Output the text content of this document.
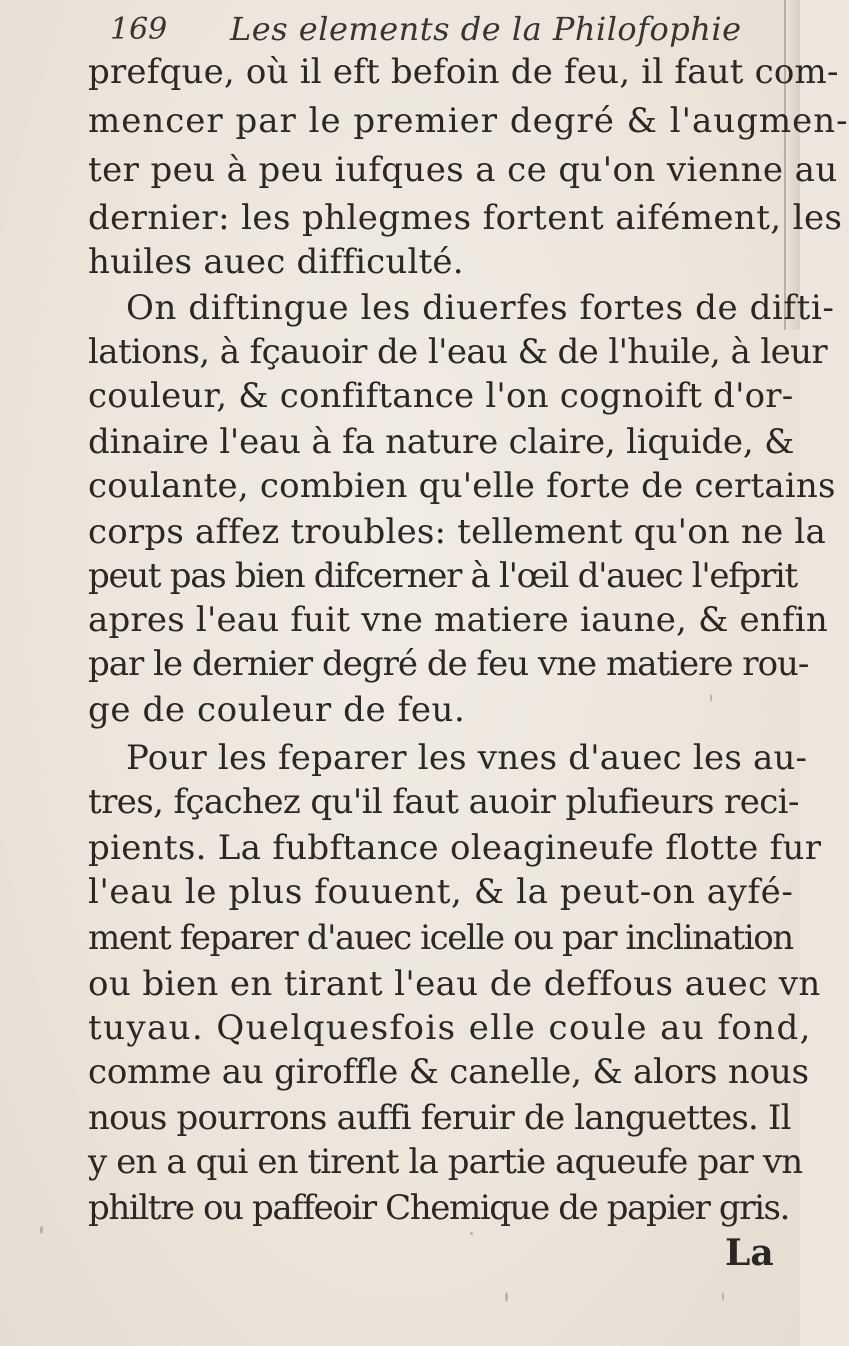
169 Les elements de la Philofophie
prefque, où il eft befoin de feu, il faut com-
mencer par le premier degré & l'augmen-
ter peu à peu iufques a ce qu'on vienne au
dernier: les phlegmes fortent aifément, les
huiles auec difficulté.
On diftingue les diuerfes fortes de difti-
lations, à fçauoir de l'eau & de l'huile, à leur
couleur, & confiftance l'on cognoift d'or-
dinaire l'eau à fa nature claire, liquide, &
coulante, combien qu'elle forte de certains
corps affez troubles: tellement qu'on ne la
peut pas bien difcerner à l'œil d'auec l'efprit
apres l'eau fuit vne matiere iaune, & enfin
par le dernier degré de feu vne matiere rou-
ge de couleur de feu.
Pour les feparer les vnes d'auec les au-
tres, fçachez qu'il faut auoir plufieurs reci-
pients. La fubftance oleagineufe flotte fur
l'eau le plus fouuent, & la peut-on ayfé-
ment feparer d'auec icelle ou par inclination
ou bien en tirant l'eau de deffous auec vn
tuyau. Quelquesfois elle coule au fond,
comme au giroffle & canelle, & alors nous
nous pourrons auffi feruir de languettes. Il
y en a qui en tirent la partie aqueufe par vn
philtre ou paffeoir Chemique de papier gris.
La
